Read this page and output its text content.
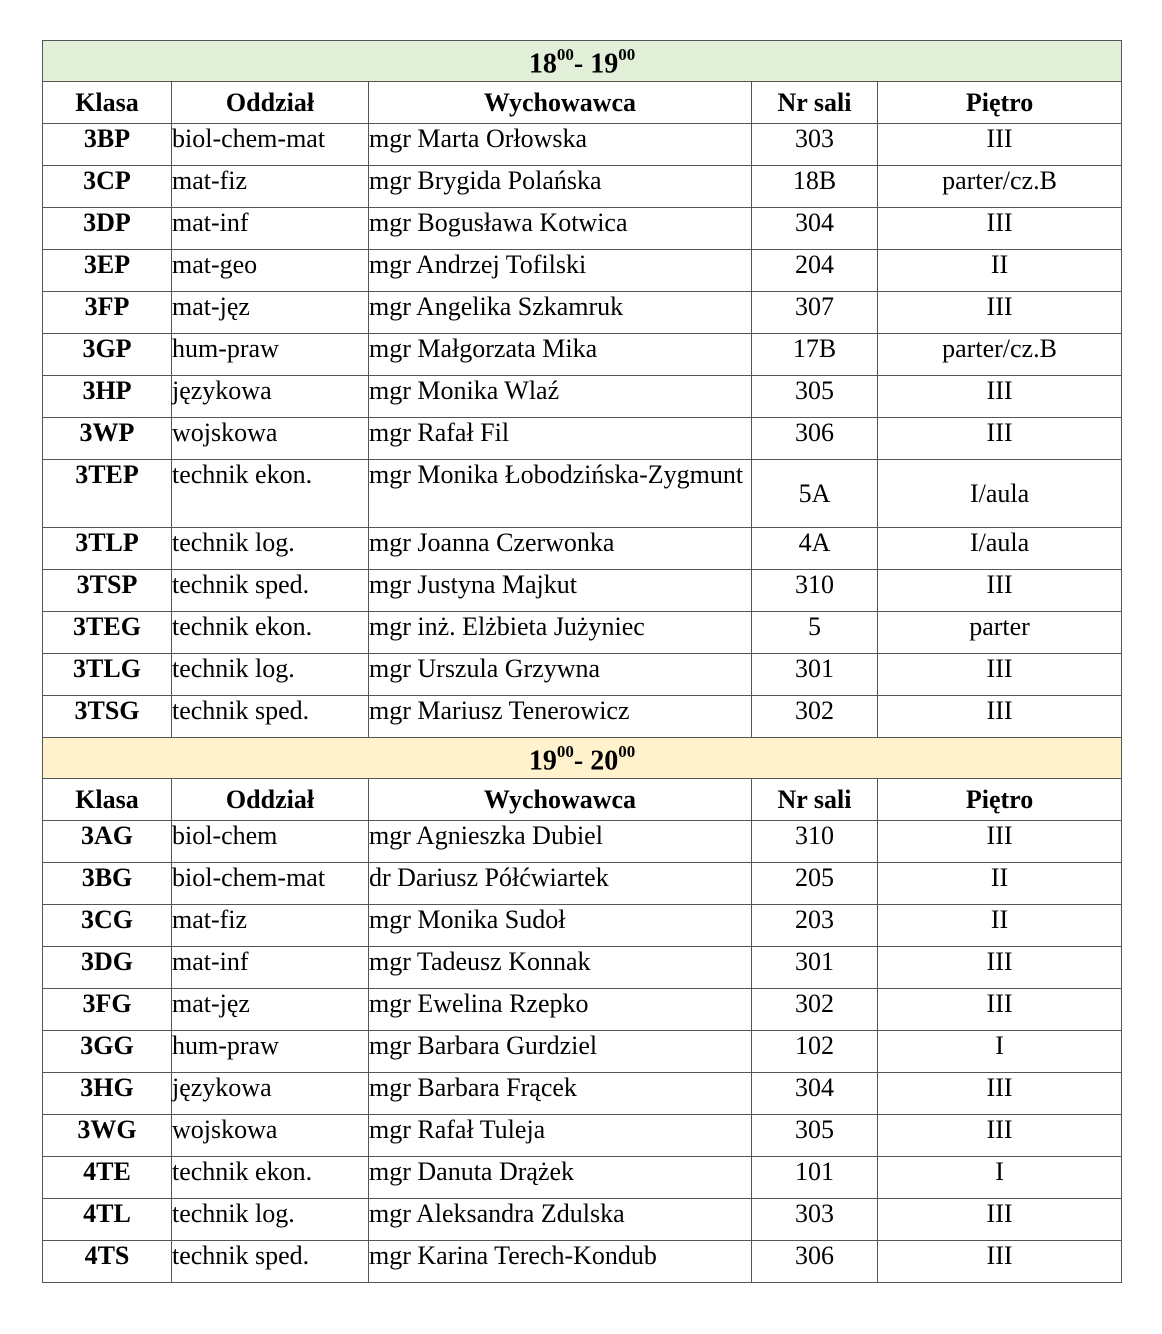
$18^{00}-$ $19^{00}$
Klasa	Oddział	Wychowawca	Nr sali	Piętro
3BP	biol-chem-mat	mgr Marta Orłowska	303	III
3CP	mat-fiz	mgr Brygida Polańska	18B	parter/cz.B
3DP	mat-inf	mgr Bogusława Kotwica	304	III
3EP	mat-geo	mgr Andrzej Tofilski	204	II
3FP	mat-jęz	mgr Angelika Szkamruk	307	III
3GP	hum-praw	mgr Małgorzata Mika	17B	parter/cz.B
3HP	językowa	mgr Monika Wlaź	305	III
3WP	wojskowa	mgr Rafał Fil	306	III
3TEP	technik ekon.	mgr Monika Łobodzińska-Zygmunt	5A	I/aula
3TLP	technik log.	mgr Joanna Czerwonka	4A	I/aula
3TSP	technik sped.	mgr Justyna Majkut	310	III
3TEG	technik ekon.	mgr inż. Elżbieta Jużyniec	5	parter
3TLG	technik log.	mgr Urszula Grzywna	301	III
3TSG	technik sped.	mgr Mariusz Tenerowicz	302	III
$19^{00}-$ $20^{00}$
Klasa	Oddział	Wychowawca	Nr sali	Piętro
3AG	biol-chem	mgr Agnieszka Dubiel	310	III
3BG	biol-chem-mat	dr Dariusz Półćwiartek	205	II
3CG	mat-fiz	mgr Monika Sudoł	203	II
3DG	mat-inf	mgr Tadeusz Konnak	301	III
3FG	mat-jęz	mgr Ewelina Rzepko	302	III
3GG	hum-praw	mgr Barbara Gurdziel	102	I
3HG	językowa	mgr Barbara Frącek	304	III
3WG	wojskowa	mgr Rafał Tuleja	305	III
4TE	technik ekon.	mgr Danuta Drążek	101	I
4TL	technik log.	mgr Aleksandra Zdulska	303	III
4TS	technik sped.	mgr Karina Terech-Kondub	306	III
